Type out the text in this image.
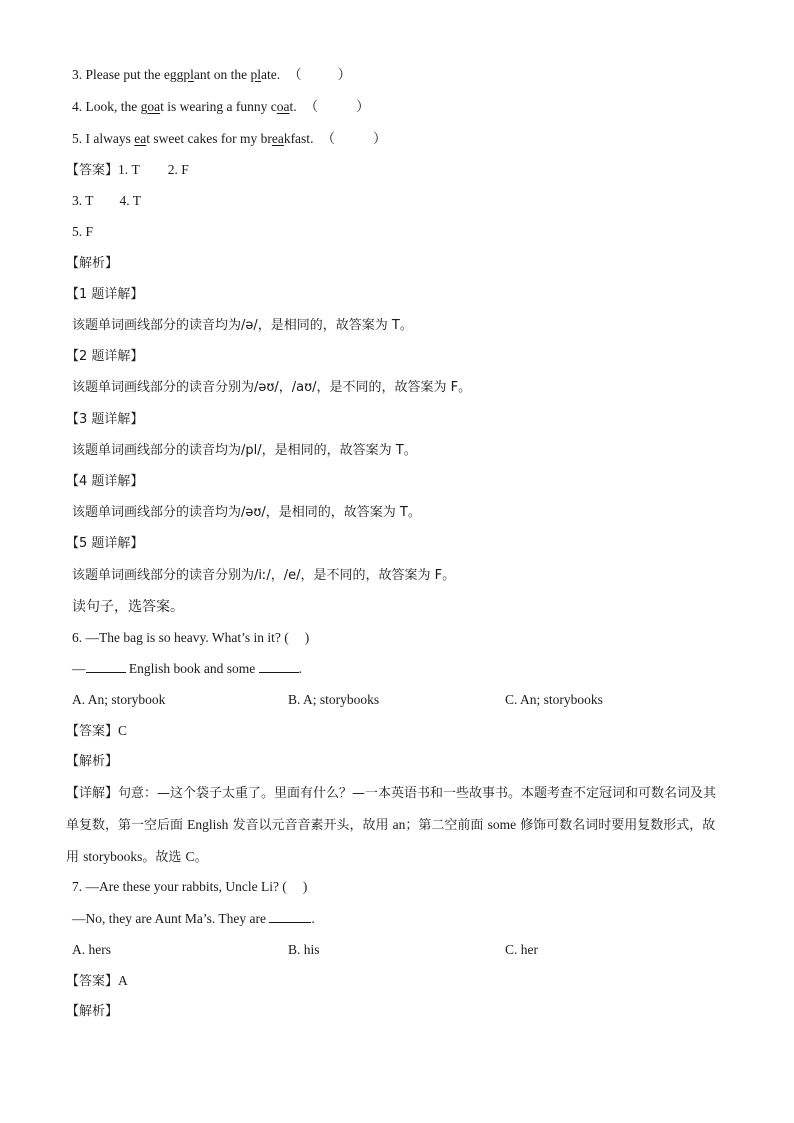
3. Please put the eggplant on the plate. （	）
4. Look, the goat is wearing a funny coat. （	）
5. I always eat sweet cakes for my breakfast. （	）
【答案】1. T 2. F
3. T 4. T
5. F
【解析】
【1 题详解】
该题单词画线部分的读音均为/ə/，是相同的，故答案为 T。
【2 题详解】
该题单词画线部分的读音分别为/əʊ/，/aʊ/，是不同的，故答案为 F。
【3 题详解】
该题单词画线部分的读音均为/pl/，是相同的，故答案为 T。
【4 题详解】
该题单词画线部分的读音均为/əʊ/，是相同的，故答案为 T。
【5 题详解】
该题单词画线部分的读音分别为/iː/，/e/，是不同的，故答案为 F。
读句子，选答案。
6. —The bag is so heavy. What’s in it? ( )
—	English book and some	.
A. An; storybook	B. A; storybooks	C. An; storybooks
【答案】C
【解析】
【详解】句意：—这个袋子太重了。里面有什么？—一本英语书和一些故事书。本题考查不定冠词和可数名词及其单复数，第一空后面 English 发音以元音音素开头，故用 an；第二空前面 some 修饰可数名词时要用复数形式，故用 storybooks。故选 C。
7. —Are these your rabbits, Uncle Li? ( )
—No, they are Aunt Ma’s. They are	.
A. hers	B. his	C. her
【答案】A
【解析】
